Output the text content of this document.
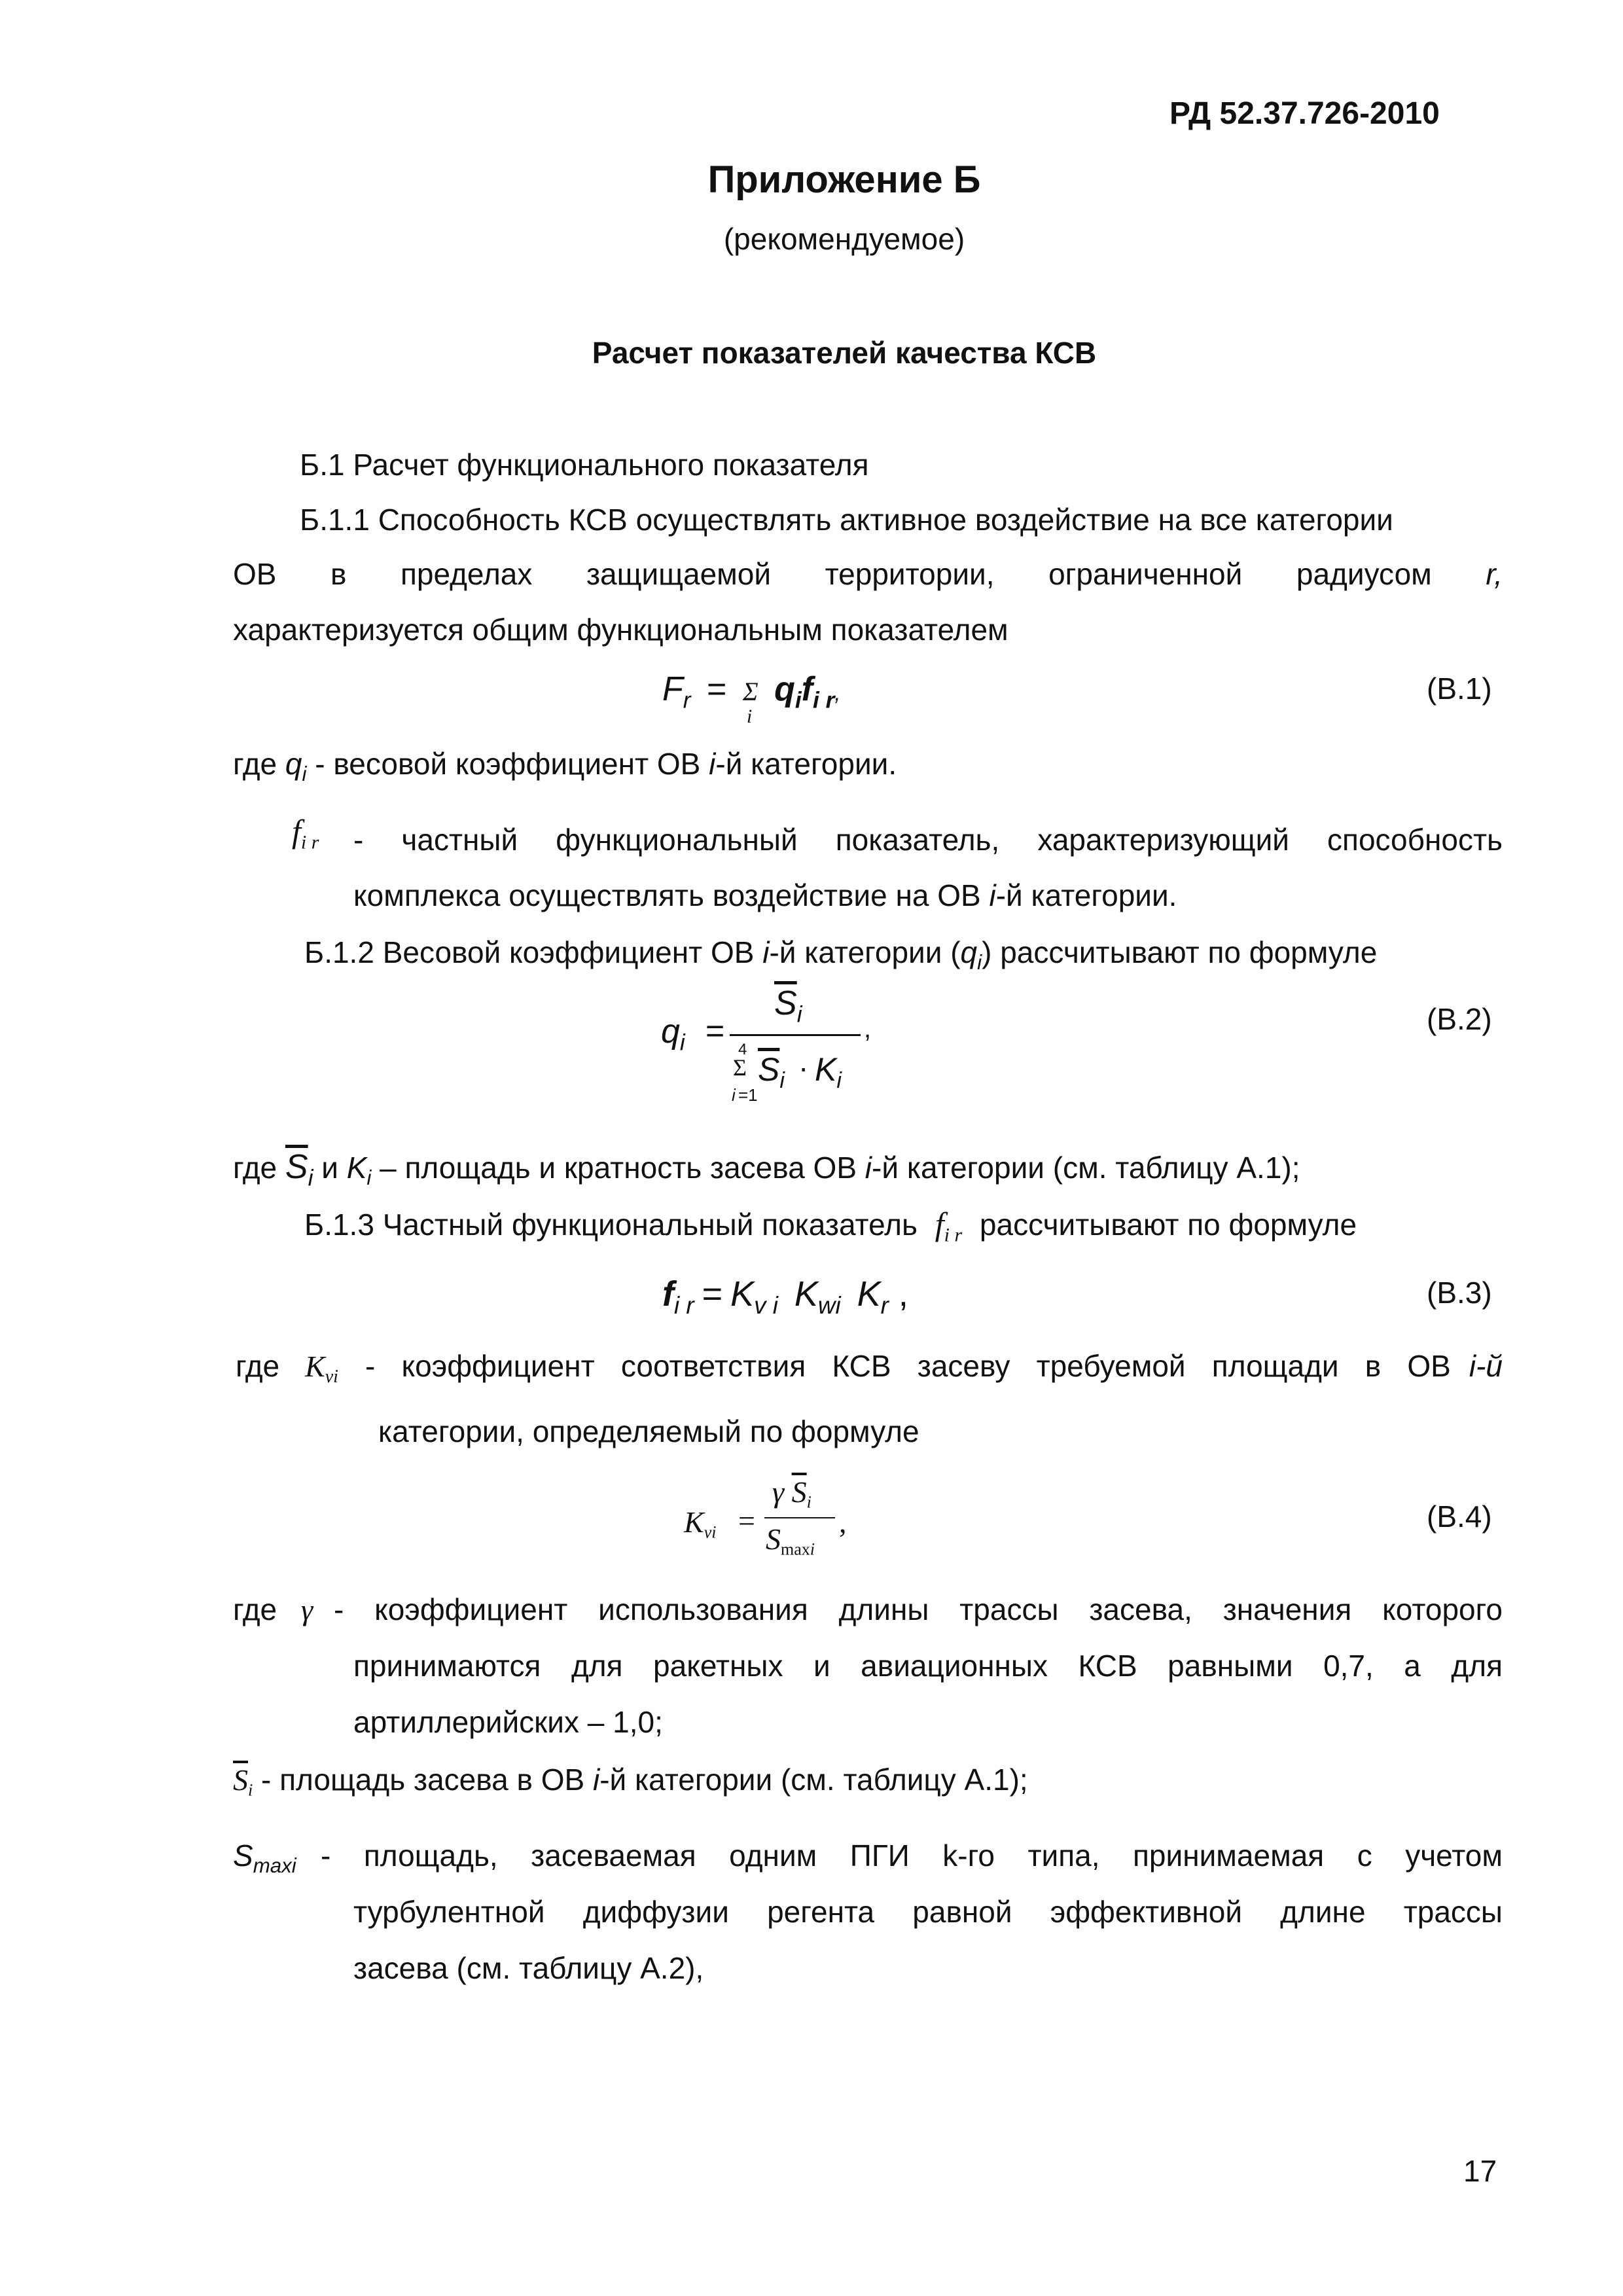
РД 52.37.726-2010
Приложение Б
(рекомендуемое)
Расчет показателей качества КСВ
Б.1 Расчет функционального показателя
Б.1.1 Способность КСВ осуществлять активное воздействие на все категории
ОВ в пределах защищаемой территории, ограниченной радиусом r,
характеризуется общим функциональным показателем
$F_r = \Sigma$
i
$q_if_{i r}$,	(В.1)
где $q_i$ - весовой коэффициент ОВ i-й категории.
$f_{i r}$ - частный функциональный показатель, характеризующий способность
комплекса осуществлять воздействие на ОВ i-й категории.
Б.1.2 Весовой коэффициент ОВ i-й категории $(q_i)$ рассчитывают по формуле
$q_i$ =
$\overline{S}_i$
,
4
Σ
i =1
$\overline{S}_i \cdot K_i$
(В.2)
где $\overline{S}_i$ и $K_i$ – площадь и кратность засева ОВ i-й категории (см. таблицу А.1);
Б.1.3 Частный функциональный показатель $f_{i r}$ рассчитывают по формуле
$f_{i r} = K_{v i}$ $K_{wi}$ $K_r$ ,	(В.3)
где $K_{vi}$ - коэффициент соответствия КСВ засеву требуемой площади в ОВ i-й
категории, определяемый по формуле
$K_{vi}$ =
γ $\overline{S}_i$
$S_{maxi}$
,	(В.4)
где γ - коэффициент использования длины трассы засева, значения которого
принимаются для ракетных и авиационных КСВ равными 0,7, а для
артиллерийских – 1,0;
$\overline{S}_i$ - площадь засева в ОВ i-й категории (см. таблицу А.1);
$S_{maxi}$ - площадь, засеваемая одним ПГИ k-го типа, принимаемая с учетом
турбулентной диффузии регента равной эффективной длине трассы
засева (см. таблицу А.2),
17
